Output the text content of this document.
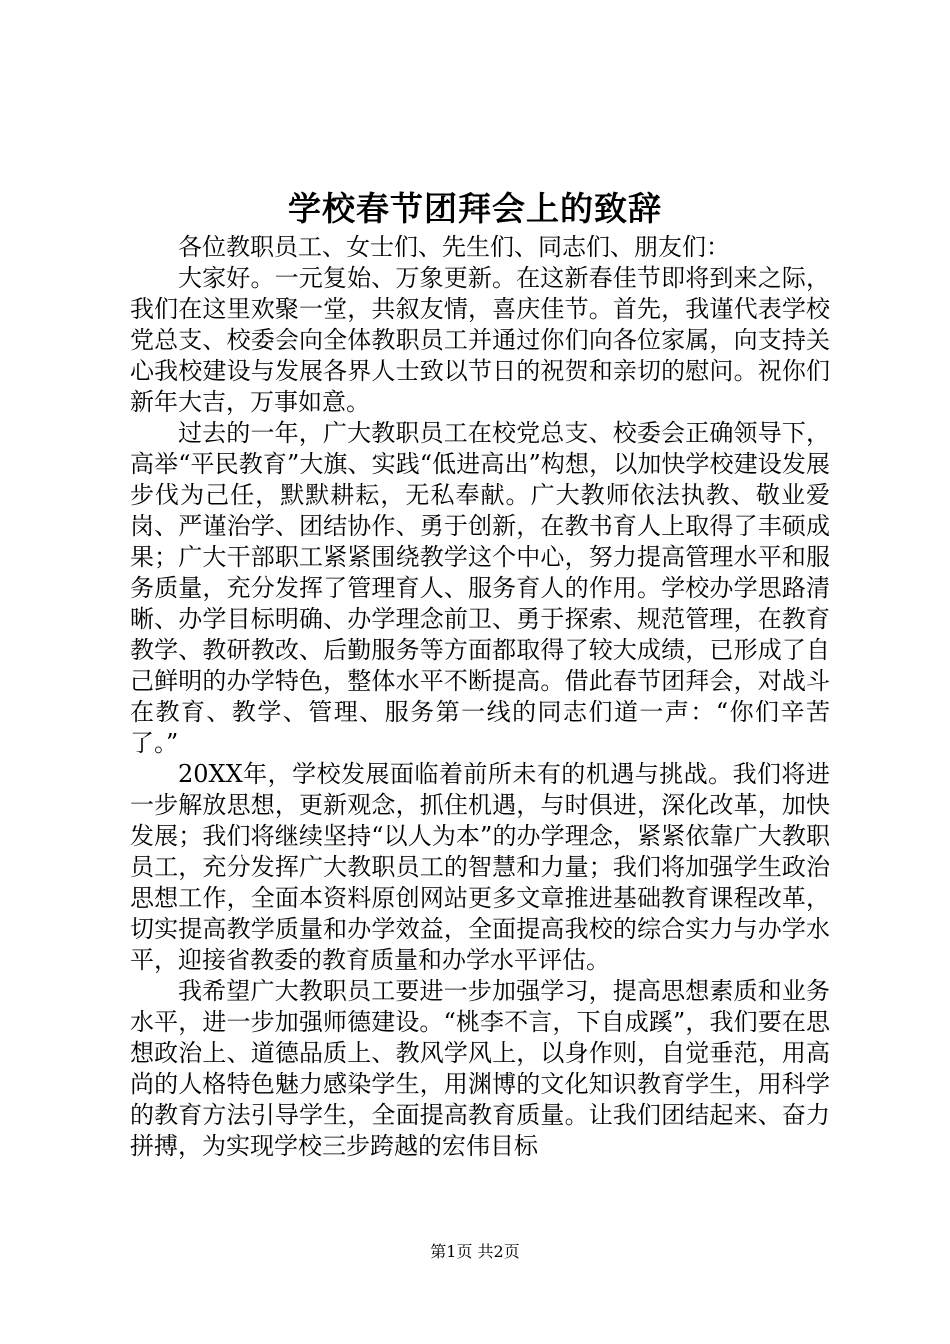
学校春节团拜会上的致辞

各位教职员工、女士们、先生们、同志们、朋友们：

大家好。一元复始、万象更新。在这新春佳节即将到来之际，我们在这里欢聚一堂，共叙友情，喜庆佳节。首先，我谨代表学校党总支、校委会向全体教职员工并通过你们向各位家属，向支持关心我校建设与发展各界人士致以节日的祝贺和亲切的慰问。祝你们新年大吉，万事如意。

过去的一年，广大教职员工在校党总支、校委会正确领导下，高举“平民教育”大旗、实践“低进高出”构想，以加快学校建设发展步伐为己任，默默耕耘，无私奉献。广大教师依法执教、敬业爱岗、严谨治学、团结协作、勇于创新，在教书育人上取得了丰硕成果；广大干部职工紧紧围绕教学这个中心，努力提高管理水平和服务质量，充分发挥了管理育人、服务育人的作用。学校办学思路清晰、办学目标明确、办学理念前卫、勇于探索、规范管理，在教育教学、教研教改、后勤服务等方面都取得了较大成绩，已形成了自己鲜明的办学特色，整体水平不断提高。借此春节团拜会，对战斗在教育、教学、管理、服务第一线的同志们道一声：“你们辛苦了。”

20XX年，学校发展面临着前所未有的机遇与挑战。我们将进一步解放思想，更新观念，抓住机遇，与时俱进，深化改革，加快发展；我们将继续坚持“以人为本”的办学理念，紧紧依靠广大教职员工，充分发挥广大教职员工的智慧和力量；我们将加强学生政治思想工作，全面本资料原创网站更多文章推进基础教育课程改革，切实提高教学质量和办学效益，全面提高我校的综合实力与办学水平，迎接省教委的教育质量和办学水平评估。

我希望广大教职员工要进一步加强学习，提高思想素质和业务水平，进一步加强师德建设。“桃李不言，下自成蹊”，我们要在思想政治上、道德品质上、教风学风上，以身作则，自觉垂范，用高尚的人格特色魅力感染学生，用渊博的文化知识教育学生，用科学的教育方法引导学生，全面提高教育质量。让我们团结起来、奋力拼搏，为实现学校三步跨越的宏伟目标

第1页 共2页
